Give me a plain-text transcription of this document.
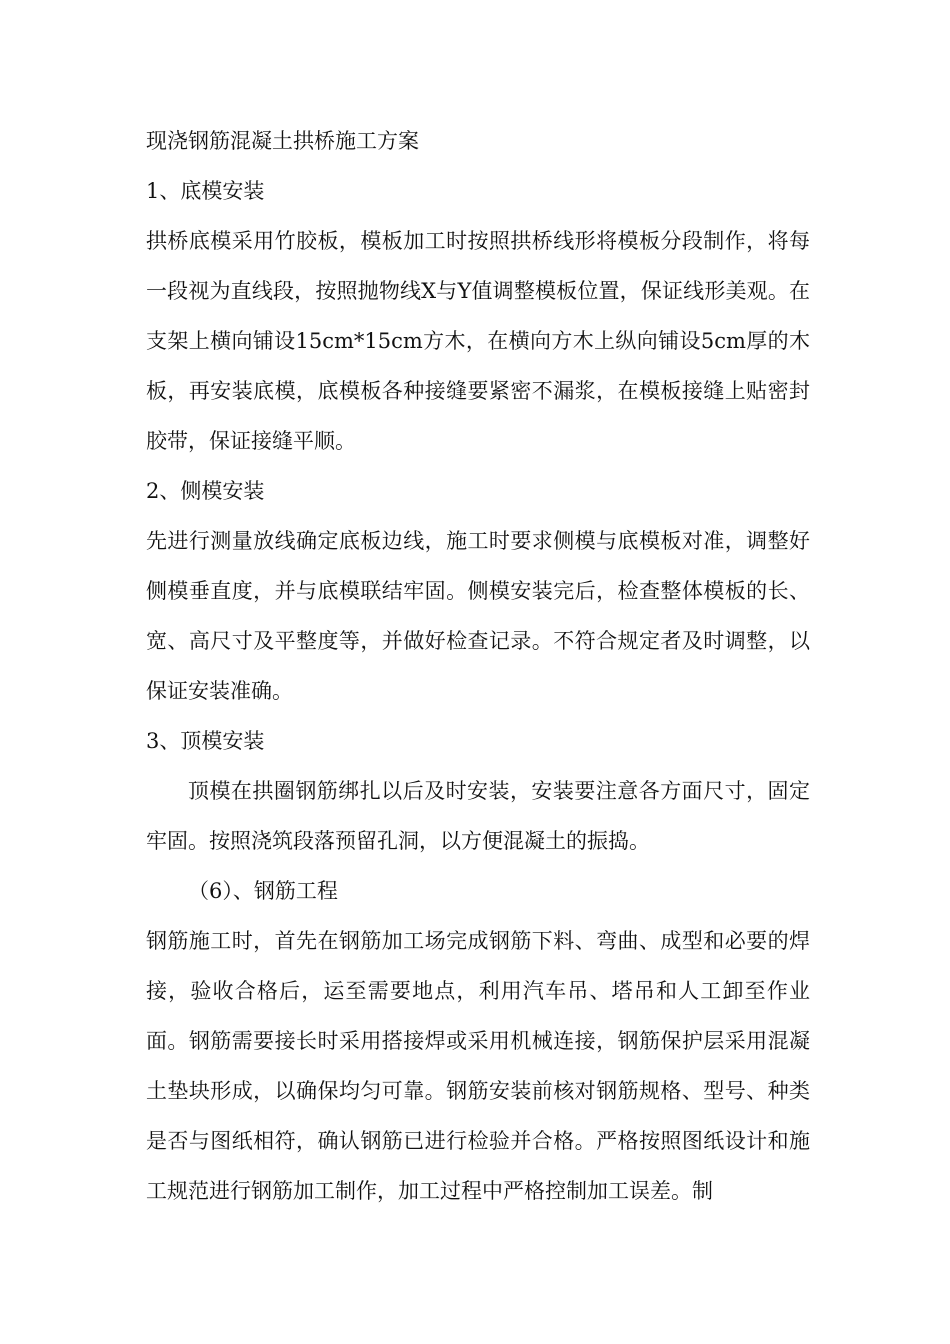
现浇钢筋混凝土拱桥施工方案

1、底模安装

拱桥底模采用竹胶板，模板加工时按照拱桥线形将模板分段制作，将每一段视为直线段，按照抛物线X与Y值调整模板位置，保证线形美观。在支架上横向铺设15cm*15cm方木，在横向方木上纵向铺设5cm厚的木板，再安装底模，底模板各种接缝要紧密不漏浆，在模板接缝上贴密封胶带，保证接缝平顺。

2、侧模安装

先进行测量放线确定底板边线，施工时要求侧模与底模板对准，调整好侧模垂直度，并与底模联结牢固。侧模安装完后，检查整体模板的长、宽、高尺寸及平整度等，并做好检查记录。不符合规定者及时调整，以保证安装准确。

3、顶模安装

顶模在拱圈钢筋绑扎以后及时安装，安装要注意各方面尺寸，固定牢固。按照浇筑段落预留孔洞，以方便混凝土的振捣。

（6）、钢筋工程

钢筋施工时，首先在钢筋加工场完成钢筋下料、弯曲、成型和必要的焊接，验收合格后，运至需要地点，利用汽车吊、塔吊和人工卸至作业面。钢筋需要接长时采用搭接焊或采用机械连接，钢筋保护层采用混凝土垫块形成，以确保均匀可靠。钢筋安装前核对钢筋规格、型号、种类是否与图纸相符，确认钢筋已进行检验并合格。严格按照图纸设计和施工规范进行钢筋加工制作，加工过程中严格控制加工误差。制
